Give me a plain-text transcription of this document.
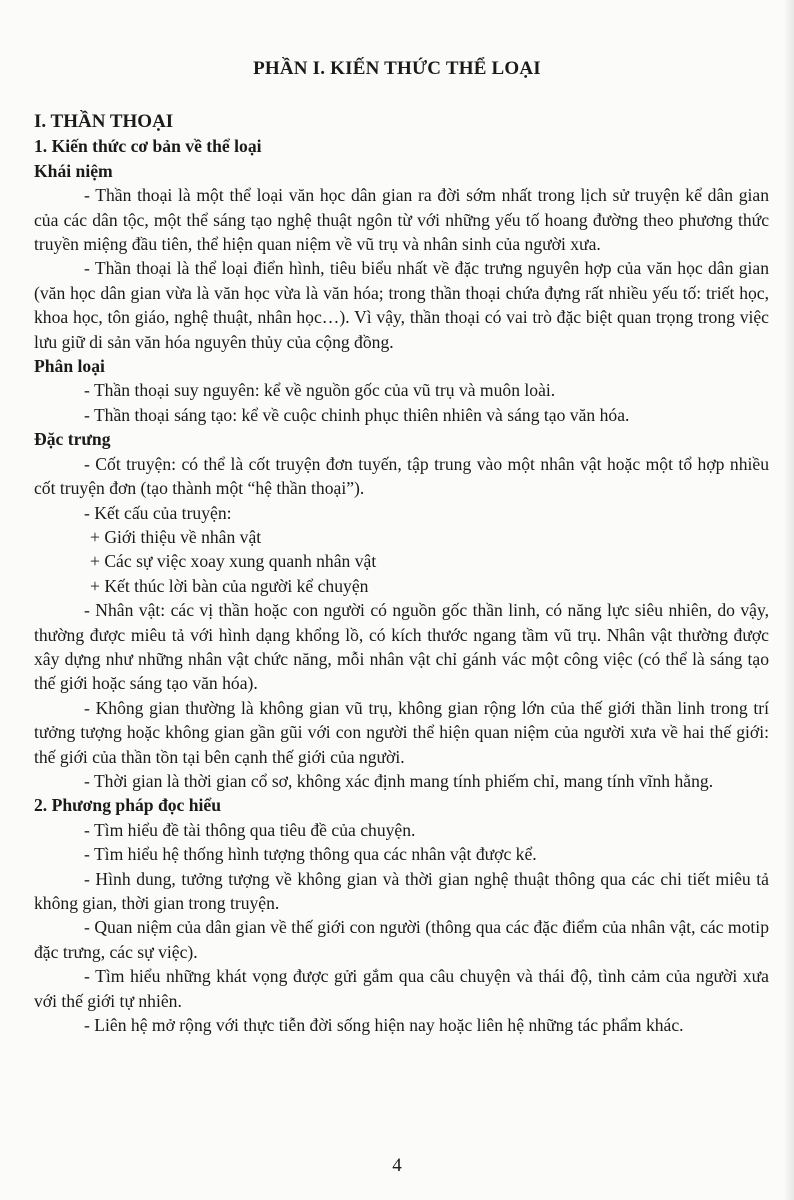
PHẦN I. KIẾN THỨC THỂ LOẠI
I. THẦN THOẠI
1. Kiến thức cơ bản về thể loại
Khái niệm

- Thần thoại là một thể loại văn học dân gian ra đời sớm nhất trong lịch sử truyện kể dân gian của các dân tộc, một thể sáng tạo nghệ thuật ngôn từ với những yếu tố hoang đường theo phương thức truyền miệng đầu tiên, thể hiện quan niệm về vũ trụ và nhân sinh của người xưa.

- Thần thoại là thể loại điển hình, tiêu biểu nhất về đặc trưng nguyên hợp của văn học dân gian (văn học dân gian vừa là văn học vừa là văn hóa; trong thần thoại chứa đựng rất nhiều yếu tố: triết học, khoa học, tôn giáo, nghệ thuật, nhân học…). Vì vậy, thần thoại có vai trò đặc biệt quan trọng trong việc lưu giữ di sản văn hóa nguyên thủy của cộng đồng.

Phân loại

- Thần thoại suy nguyên: kể về nguồn gốc của vũ trụ và muôn loài.

- Thần thoại sáng tạo: kể về cuộc chinh phục thiên nhiên và sáng tạo văn hóa.

Đặc trưng

- Cốt truyện: có thể là cốt truyện đơn tuyến, tập trung vào một nhân vật hoặc một tổ hợp nhiều cốt truyện đơn (tạo thành một “hệ thần thoại”).

- Kết cấu của truyện:

+ Giới thiệu về nhân vật

+ Các sự việc xoay xung quanh nhân vật

+ Kết thúc lời bàn của người kể chuyện

- Nhân vật: các vị thần hoặc con người có nguồn gốc thần linh, có năng lực siêu nhiên, do vậy, thường được miêu tả với hình dạng khổng lồ, có kích thước ngang tầm vũ trụ. Nhân vật thường được xây dựng như những nhân vật chức năng, mỗi nhân vật chỉ gánh vác một công việc (có thể là sáng tạo thế giới hoặc sáng tạo văn hóa).

- Không gian thường là không gian vũ trụ, không gian rộng lớn của thế giới thần linh trong trí tưởng tượng hoặc không gian gần gũi với con người thể hiện quan niệm của người xưa về hai thế giới: thế giới của thần tồn tại bên cạnh thế giới của người.

- Thời gian là thời gian cổ sơ, không xác định mang tính phiếm chỉ, mang tính vĩnh hằng.

2. Phương pháp đọc hiểu

- Tìm hiểu đề tài thông qua tiêu đề của chuyện.

- Tìm hiểu hệ thống hình tượng thông qua các nhân vật được kể.

- Hình dung, tưởng tượng về không gian và thời gian nghệ thuật thông qua các chi tiết miêu tả không gian, thời gian trong truyện.

- Quan niệm của dân gian về thế giới con người (thông qua các đặc điểm của nhân vật, các motip đặc trưng, các sự việc).

- Tìm hiểu những khát vọng được gửi gắm qua câu chuyện và thái độ, tình cảm của người xưa với thế giới tự nhiên.

- Liên hệ mở rộng với thực tiễn đời sống hiện nay hoặc liên hệ những tác phẩm khác.

4
